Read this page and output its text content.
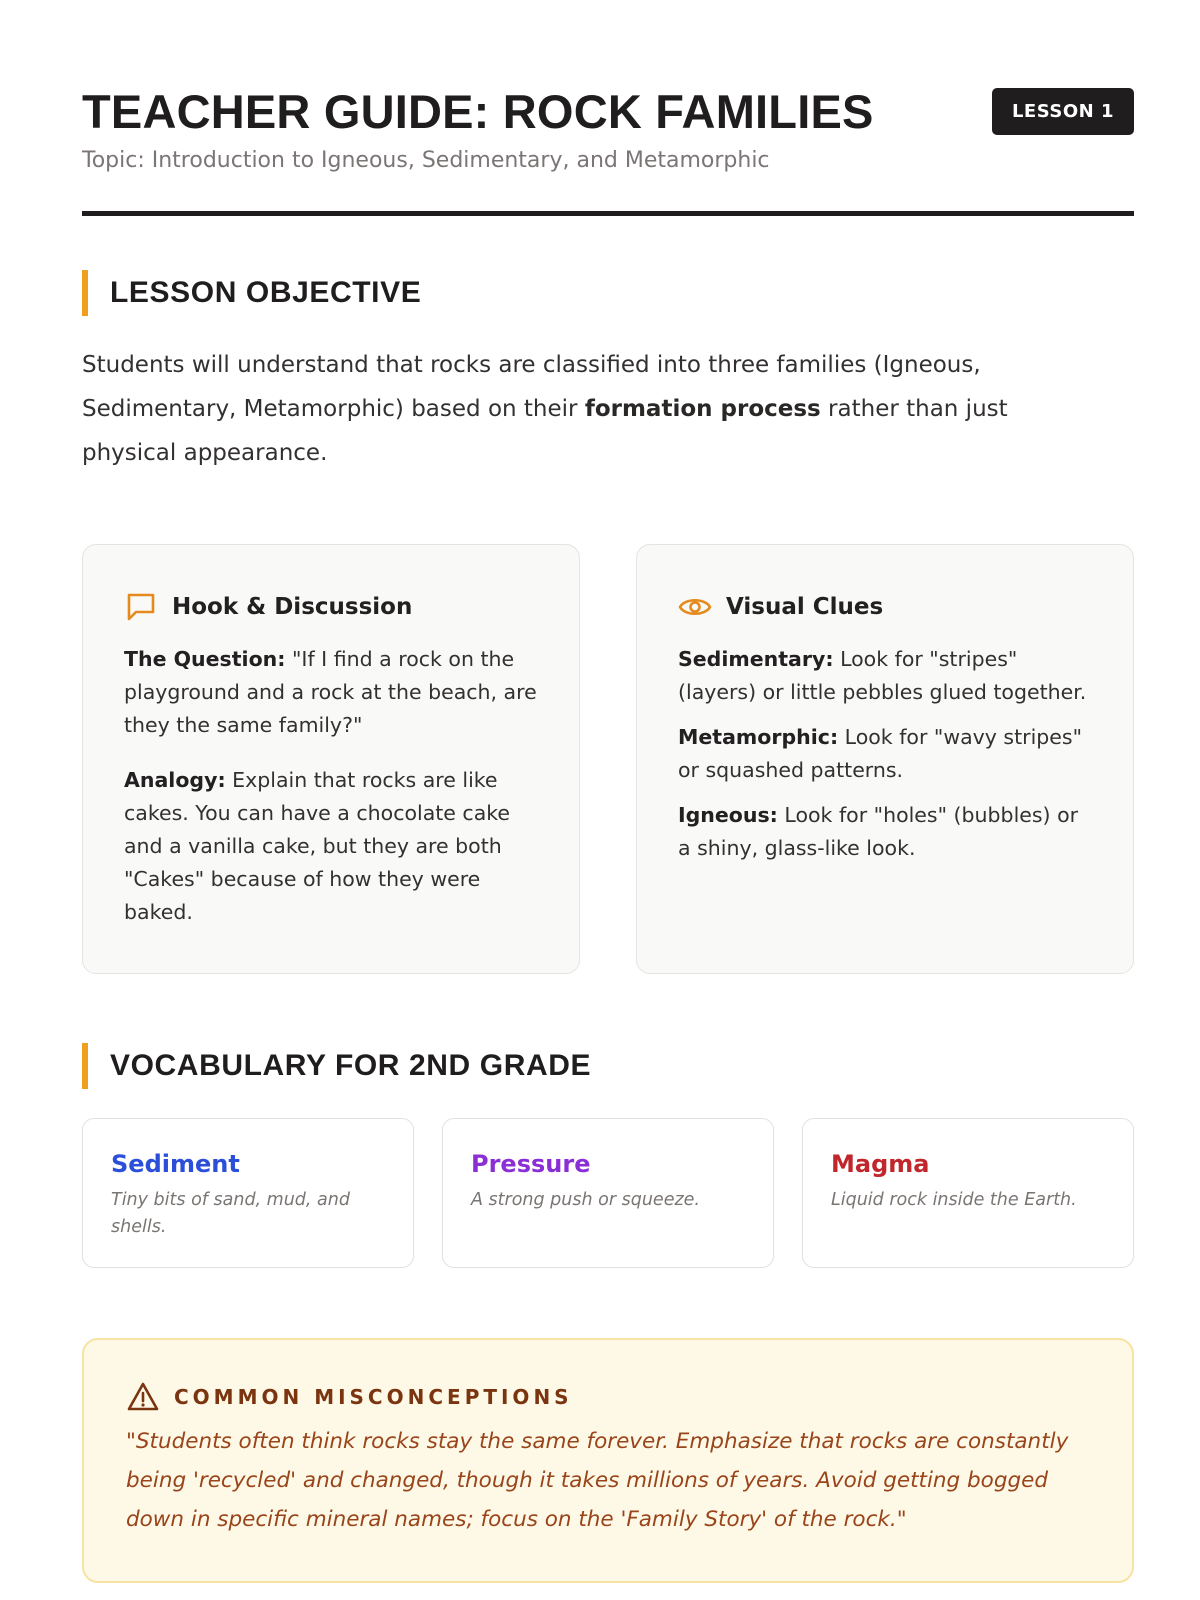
TEACHER GUIDE: ROCK FAMILIES
Topic: Introduction to Igneous, Sedimentary, and Metamorphic
LESSON 1
LESSON OBJECTIVE

Students will understand that rocks are classified into three families (Igneous, Sedimentary, Metamorphic) based on their formation process rather than just physical appearance.

Hook & Discussion

The Question: "If I find a rock on the playground and a rock at the beach, are they the same family?"

Analogy: Explain that rocks are like cakes. You can have a chocolate cake and a vanilla cake, but they are both "Cakes" because of how they were baked.

Visual Clues

Sedimentary: Look for "stripes" (layers) or little pebbles glued together.

Metamorphic: Look for "wavy stripes" or squashed patterns.

Igneous: Look for "holes" (bubbles) or a shiny, glass-like look.

VOCABULARY FOR 2ND GRADE
Sediment
Tiny bits of sand, mud, and shells.
Pressure
A strong push or squeeze.
Magma
Liquid rock inside the Earth.
COMMON MISCONCEPTIONS

"Students often think rocks stay the same forever. Emphasize that rocks are constantly being 'recycled' and changed, though it takes millions of years. Avoid getting bogged down in specific mineral names; focus on the 'Family Story' of the rock."
